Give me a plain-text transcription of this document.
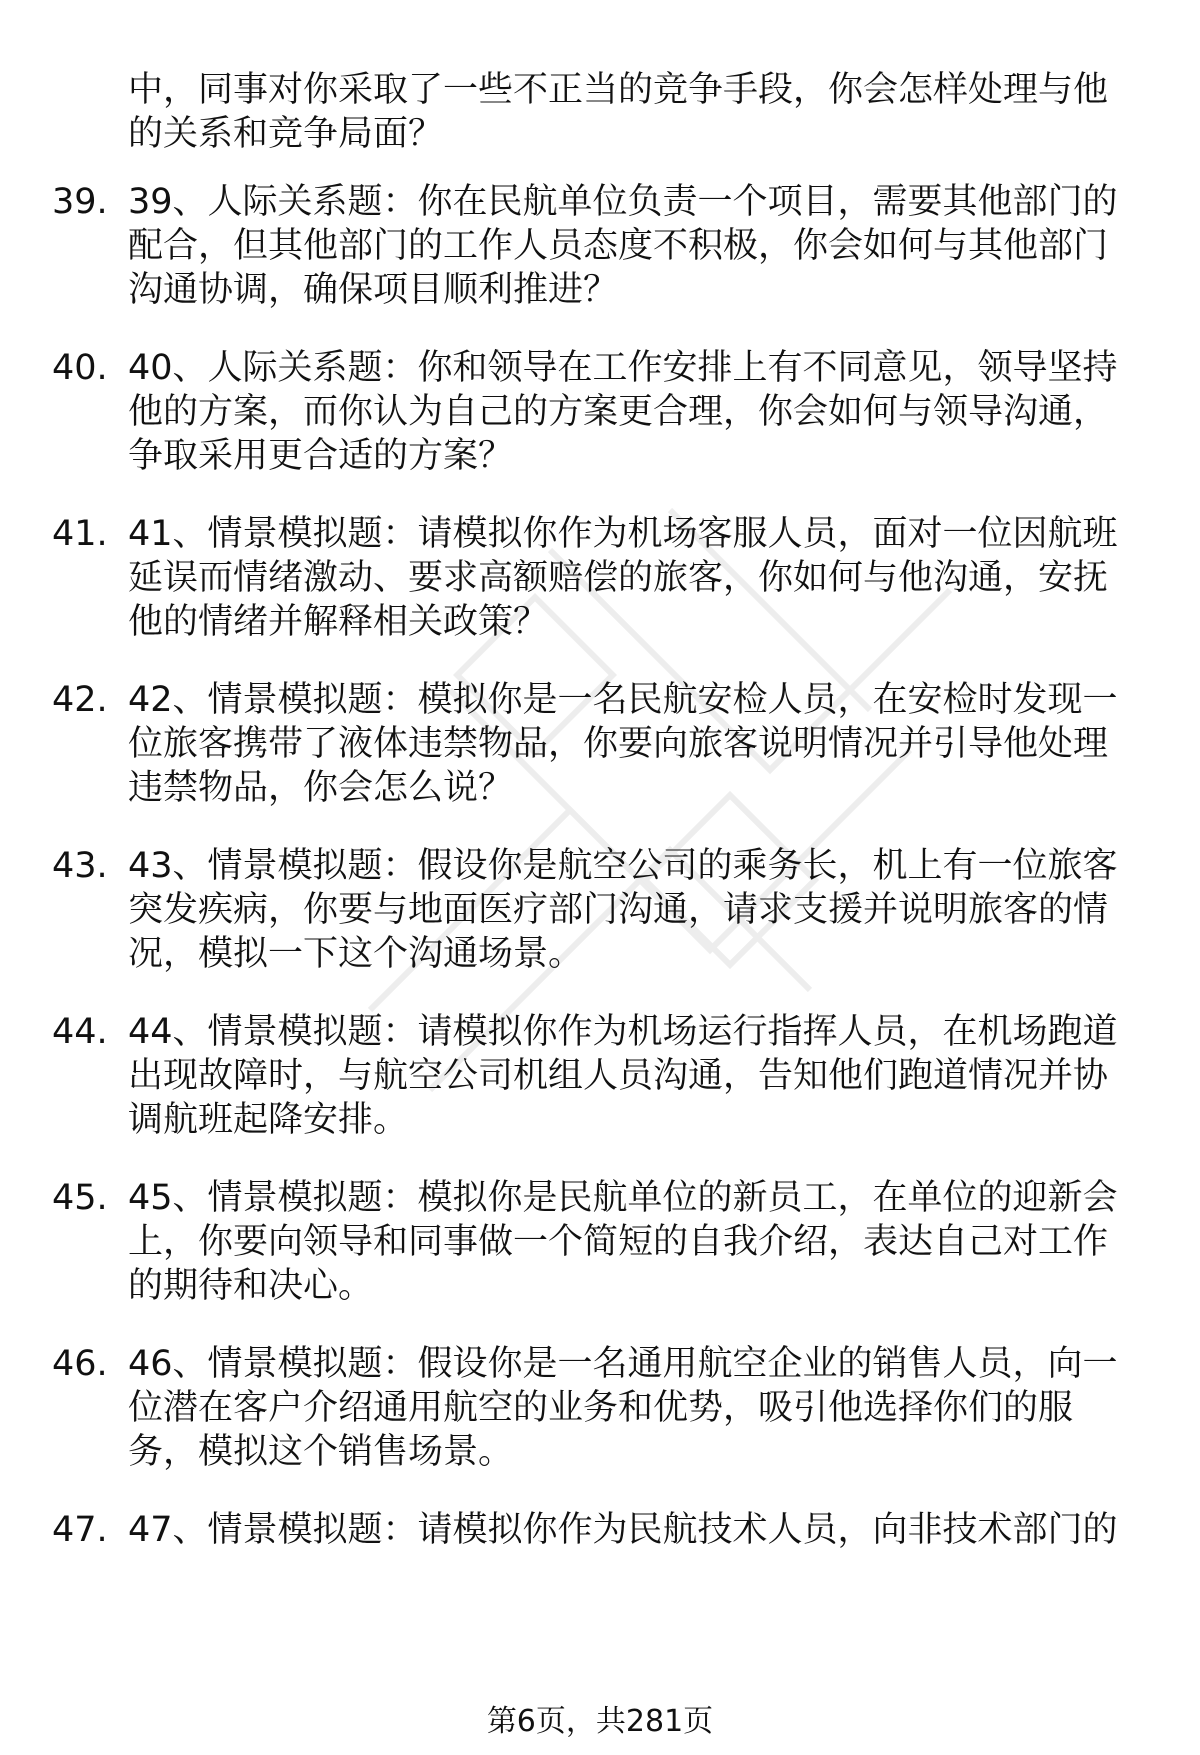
中，同事对你采取了一些不正当的竞争手段，你会怎样处理与他
的关系和竞争局面？
39. 39、人际关系题：你在民航单位负责一个项目，需要其他部门的
配合，但其他部门的工作人员态度不积极，你会如何与其他部门
沟通协调，确保项目顺利推进？
40. 40、人际关系题：你和领导在工作安排上有不同意见，领导坚持
他的方案，而你认为自己的方案更合理，你会如何与领导沟通，
争取采用更合适的方案？
41. 41、情景模拟题：请模拟你作为机场客服人员，面对一位因航班
延误而情绪激动、要求高额赔偿的旅客，你如何与他沟通，安抚
他的情绪并解释相关政策？
42. 42、情景模拟题：模拟你是一名民航安检人员，在安检时发现一
位旅客携带了液体违禁物品，你要向旅客说明情况并引导他处理
违禁物品，你会怎么说？
43. 43、情景模拟题：假设你是航空公司的乘务长，机上有一位旅客
突发疾病，你要与地面医疗部门沟通，请求支援并说明旅客的情
况，模拟一下这个沟通场景。
44. 44、情景模拟题：请模拟你作为机场运行指挥人员，在机场跑道
出现故障时，与航空公司机组人员沟通，告知他们跑道情况并协
调航班起降安排。
45. 45、情景模拟题：模拟你是民航单位的新员工，在单位的迎新会
上，你要向领导和同事做一个简短的自我介绍，表达自己对工作
的期待和决心。
46. 46、情景模拟题：假设你是一名通用航空企业的销售人员，向一
位潜在客户介绍通用航空的业务和优势，吸引他选择你们的服
务，模拟这个销售场景。
47. 47、情景模拟题：请模拟你作为民航技术人员，向非技术部门的
第6页，共281页
